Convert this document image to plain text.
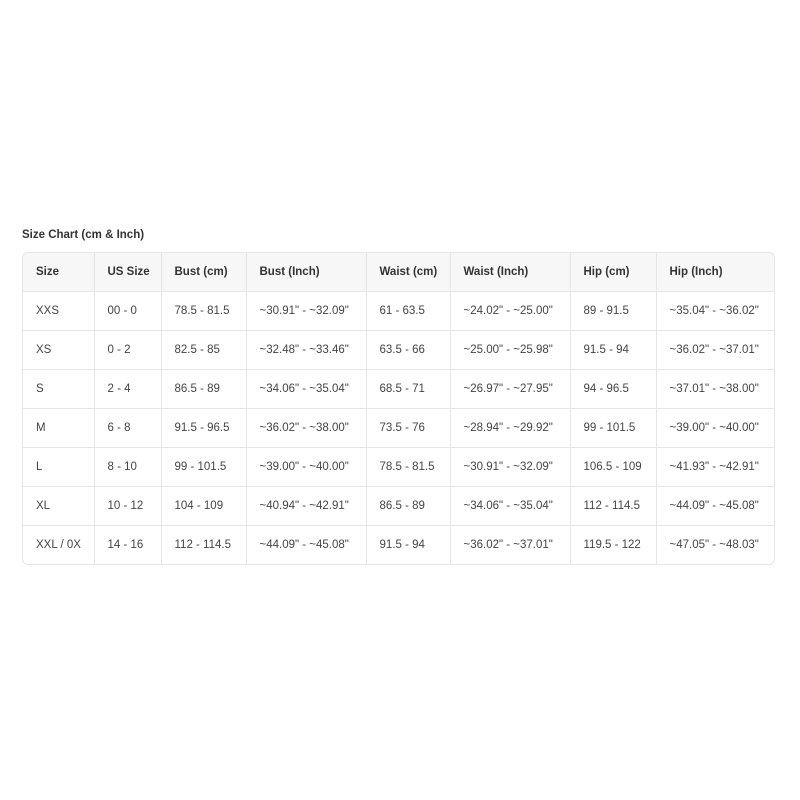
Size Chart (cm & Inch)
Size	US Size	Bust (cm)	Bust (Inch)	Waist (cm)	Waist (Inch)	Hip (cm)	Hip (Inch)
XXS	00 - 0	78.5 - 81.5	~30.91" - ~32.09"	61 - 63.5	~24.02" - ~25.00"	89 - 91.5	~35.04" - ~36.02"
XS	0 - 2	82.5 - 85	~32.48" - ~33.46"	63.5 - 66	~25.00" - ~25.98"	91.5 - 94	~36.02" - ~37.01"
S	2 - 4	86.5 - 89	~34.06" - ~35.04"	68.5 - 71	~26.97" - ~27.95"	94 - 96.5	~37.01" - ~38.00"
M	6 - 8	91.5 - 96.5	~36.02" - ~38.00"	73.5 - 76	~28.94" - ~29.92"	99 - 101.5	~39.00" - ~40.00"
L	8 - 10	99 - 101.5	~39.00" - ~40.00"	78.5 - 81.5	~30.91" - ~32.09"	106.5 - 109	~41.93" - ~42.91"
XL	10 - 12	104 - 109	~40.94" - ~42.91"	86.5 - 89	~34.06" - ~35.04"	112 - 114.5	~44.09" - ~45.08"
XXL / 0X	14 - 16	112 - 114.5	~44.09" - ~45.08"	91.5 - 94	~36.02" - ~37.01"	119.5 - 122	~47.05" - ~48.03"
